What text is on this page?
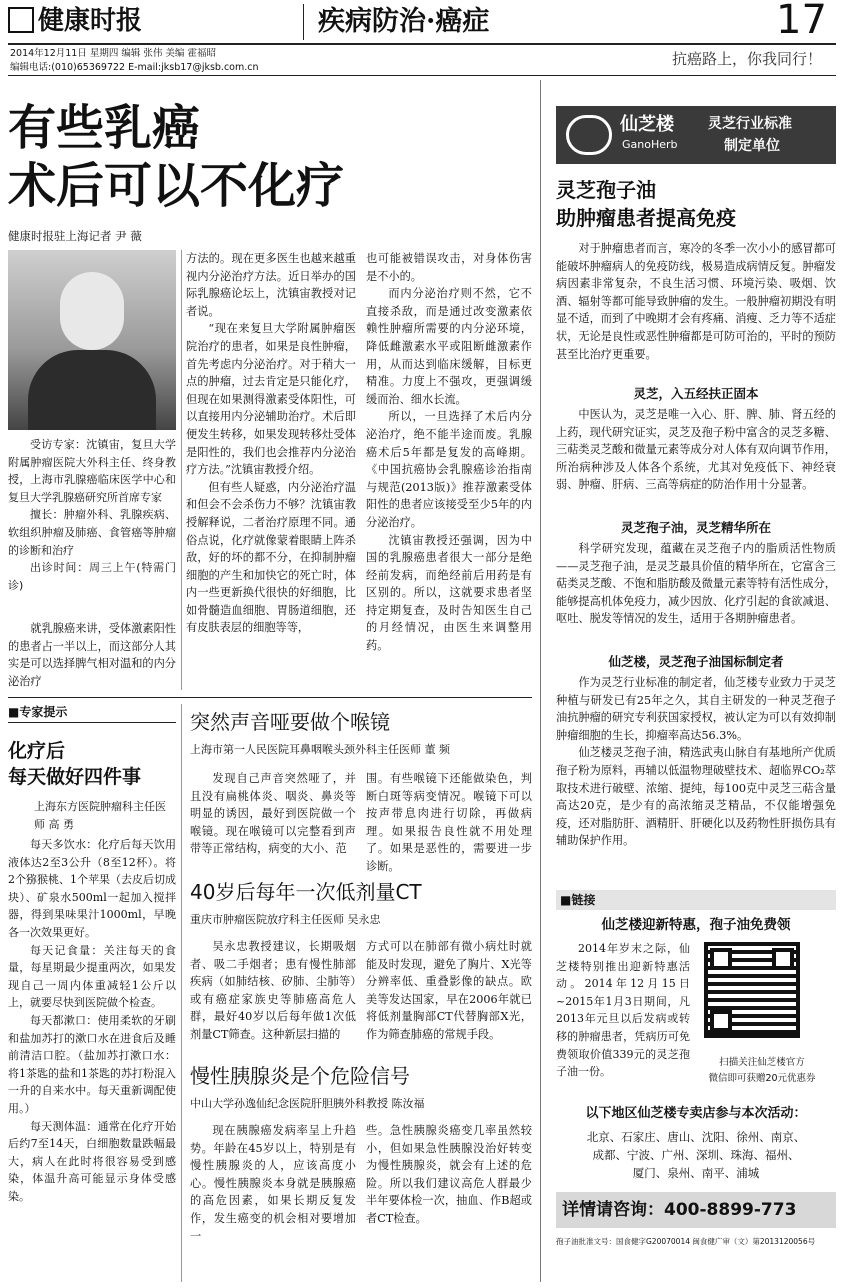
健康时报	疾病防治·癌症	17
2014年12月11日 星期四 编辑 张伟 美编 霍福昭
编辑电话:(010)65369722 E-mail:jksb17@jksb.com.cn	抗癌路上，你我同行！
有些乳癌
术后可以不化疗
健康时报驻上海记者 尹 薇

受访专家：沈镇宙，复旦大学附属肿瘤医院大外科主任、终身教授，上海市乳腺癌临床医学中心和复旦大学乳腺癌研究所首席专家

擅长：肿瘤外科、乳腺疾病、软组织肿瘤及肺癌、食管癌等肿瘤的诊断和治疗

出诊时间：周三上午(特需门诊)

就乳腺癌来讲，受体激素阳性的患者占一半以上，而这部分人其实是可以选择脾气相对温和的内分泌治疗

方法的。现在更多医生也越来越重视内分泌治疗方法。近日举办的国际乳腺癌论坛上，沈镇宙教授对记者说。

“现在来复旦大学附属肿瘤医院治疗的患者，如果是良性肿瘤，首先考虑内分泌治疗。对于稍大一点的肿瘤，过去肯定是只能化疗，但现在如果测得激素受体阳性，可以直接用内分泌辅助治疗。术后即便发生转移，如果发现转移灶受体是阳性的，我们也会推荐内分泌治疗方法。”沈镇宙教授介绍。

但有些人疑惑，内分泌治疗温和但会不会杀伤力不够？沈镇宙教授解释说，二者治疗原理不同。通俗点说，化疗就像蒙着眼睛上阵杀敌，好的坏的都不分，在抑制肿瘤细胞的产生和加快它的死亡时，体内一些更新换代很快的好细胞，比如骨髓造血细胞、胃肠道细胞，还有皮肤表层的细胞等等，

也可能被错误攻击，对身体伤害是不小的。

而内分泌治疗则不然，它不直接杀敌，而是通过改变激素依赖性肿瘤所需要的内分泌环境，降低雌激素水平或阻断雌激素作用，从而达到临床缓解，目标更精准。力度上不强攻，更强调缓缓而治、细水长流。

所以，一旦选择了术后内分泌治疗，绝不能半途而废。乳腺癌术后5年都是复发的高峰期。《中国抗癌协会乳腺癌诊治指南与规范(2013版)》推荐激素受体阳性的患者应该接受至少5年的内分泌治疗。

沈镇宙教授还强调，因为中国的乳腺癌患者很大一部分是绝经前发病，而绝经前后用药是有区别的。所以，这就要求患者坚持定期复查，及时告知医生自己的月经情况，由医生来调整用药。

■专家提示
化疗后
每天做好四件事
上海东方医院肿瘤科主任医师 高 勇

每天多饮水：化疗后每天饮用液体达2至3公升（8至12杯）。将2个猕猴桃、1个苹果（去皮后切成块）、矿泉水500ml一起加入搅拌器，得到果味果汁1000ml，早晚各一次效果更好。

每天记食量：关注每天的食量，每星期最少提重两次，如果发现自己一周内体重减轻1公斤以上，就要尽快到医院做个检查。

每天都漱口：使用柔软的牙刷和盐加苏打的漱口水在进食后及睡前清洁口腔。（盐加苏打漱口水：将1茶匙的盐和1茶匙的苏打粉混入一升的自来水中。每天重新调配使用。）

每天测体温：通常在化疗开始后约7至14天，白细胞数量跌幅最大，病人在此时将很容易受到感染，体温升高可能显示身体受感染。

突然声音哑要做个喉镜
上海市第一人民医院耳鼻咽喉头颈外科主任医师 董 频

发现自己声音突然哑了，并且没有扁桃体炎、咽炎、鼻炎等明显的诱因，最好到医院做一个喉镜。现在喉镜可以完整看到声带等正常结构，病变的大小、范

围。有些喉镜下还能做染色，判断白斑等病变情况。喉镜下可以按声带息肉进行切除，再做病理。如果报告良性就不用处理了。如果是恶性的，需要进一步诊断。

40岁后每年一次低剂量CT
重庆市肿瘤医院放疗科主任医师 吴永忠

吴永忠教授建议，长期吸烟者、吸二手烟者；患有慢性肺部疾病（如肺结核、矽肺、尘肺等）或有癌症家族史等肺癌高危人群，最好40岁以后每年做1次低剂量CT筛查。这种新层扫描的

方式可以在肺部有微小病灶时就能及时发现，避免了胸片、X光等分辨率低、重叠影像的缺点。欧美等发达国家，早在2006年就已将低剂量胸部CT代替胸部X光，作为筛查肺癌的常规手段。

慢性胰腺炎是个危险信号
中山大学孙逸仙纪念医院肝胆胰外科教授 陈汝福

现在胰腺癌发病率呈上升趋势。年龄在45岁以上，特别是有慢性胰腺炎的人，应该高度小心。慢性胰腺炎本身就是胰腺癌的高危因素，如果长期反复发作，发生癌变的机会相对要增加一

些。急性胰腺炎癌变几率虽然较小，但如果急性胰腺没治好转变为慢性胰腺炎，就会有上述的危险。所以我们建议高危人群最少半年要体检一次，抽血、作B超或者CT检查。

仙芝楼
GanoHerb
灵芝行业标准
制定单位
灵芝孢子油
助肿瘤患者提高免疫

对于肿瘤患者而言，寒冷的冬季一次小小的感冒都可能破坏肿瘤病人的免疫防线，极易造成病情反复。肿瘤发病因素非常复杂，不良生活习惯、环境污染、吸烟、饮酒、辐射等都可能导致肿瘤的发生。一般肿瘤初期没有明显不适，而到了中晚期才会有疼痛、消瘦、乏力等不适症状，无论是良性或恶性肿瘤都是可防可治的，平时的预防甚至比治疗更重要。

灵芝，入五经扶正固本

中医认为，灵芝是唯一入心、肝、脾、肺、肾五经的上药，现代研究证实，灵芝及孢子粉中富含的灵芝多糖、三萜类灵芝酸和微量元素等成分对人体有双向调节作用，所治病种涉及人体各个系统，尤其对免疫低下、神经衰弱、肿瘤、肝病、三高等病症的防治作用十分显著。

灵芝孢子油，灵芝精华所在

科学研究发现，蕴藏在灵芝孢子内的脂质活性物质——灵芝孢子油，是灵芝最具价值的精华所在，它富含三萜类灵芝酸、不饱和脂肪酸及微量元素等特有活性成分，能够提高机体免疫力，减少因放、化疗引起的食欲减退、呕吐、脱发等情况的发生，适用于各期肿瘤患者。

仙芝楼，灵芝孢子油国标制定者

作为灵芝行业标准的制定者，仙芝楼专业致力于灵芝种植与研发已有25年之久，其自主研发的一种灵芝孢子油抗肿瘤的研究专利获国家授权，被认定为可以有效抑制肿瘤细胞的生长，抑瘤率高达56.3%。

仙芝楼灵芝孢子油，精选武夷山脉自有基地所产优质孢子粉为原料，再辅以低温物理破壁技术、超临界CO₂萃取技术进行破壁、浓缩、提纯，每100克中灵芝三萜含量高达20克，是少有的高浓缩灵芝精品，不仅能增强免疫，还对脂肪肝、酒精肝、肝硬化以及药物性肝损伤具有辅助保护作用。

■链接
仙芝楼迎新特惠，孢子油免费领

2014年岁末之际，仙芝楼特别推出迎新特惠活动。2014年12月15日~2015年1月3日期间，凡2013年元旦以后发病或转移的肿瘤患者，凭病历可免费领取价值339元的灵芝孢子油一份。

扫描关注仙芝楼官方
微信即可获赠20元优惠券
以下地区仙芝楼专卖店参与本次活动：
北京、石家庄、唐山、沈阳、徐州、南京、
成都、宁波、广州、深圳、珠海、福州、
厦门、泉州、南平、浦城
详情请咨询：400-8899-773
孢子油批准文号：国食健字G20070014 闽食健广审（文）第2013120056号
